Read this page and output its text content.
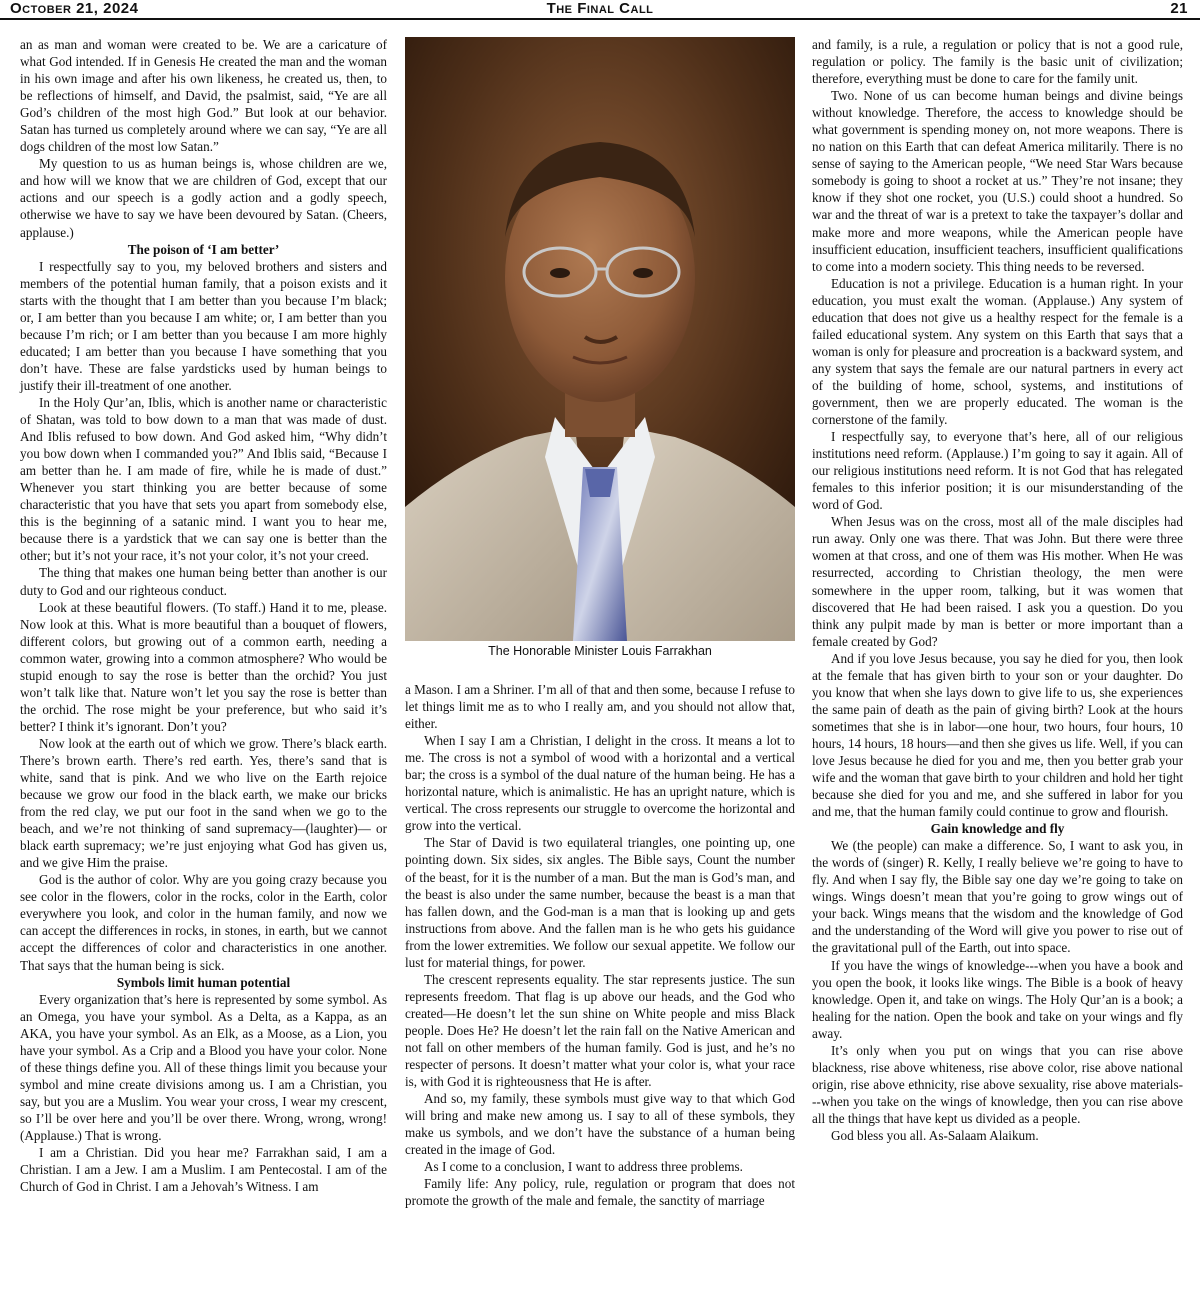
October 21, 2024	The Final Call	21

an as man and woman were created to be. We are a caricature of what God intended. If in Genesis He created the man and the woman in his own image and after his own likeness, he created us, then, to be reflections of himself, and David, the psalmist, said, “Ye are all God’s children of the most high God.” But look at our behavior. Satan has turned us completely around where we can say, “Ye are all dogs children of the most low Satan.”

My question to us as human beings is, whose children are we, and how will we know that we are children of God, except that our actions and our speech is a godly action and a godly speech, otherwise we have to say we have been devoured by Satan. (Cheers, applause.)

The poison of ‘I am better’

I respectfully say to you, my beloved brothers and sisters and members of the potential human family, that a poison exists and it starts with the thought that I am better than you because I’m black; or, I am better than you because I am white; or, I am better than you because I’m rich; or I am better than you because I am more highly educated; I am better than you because I have something that you don’t have. These are false yardsticks used by human beings to justify their ill-treatment of one another.

In the Holy Qur’an, Iblis, which is another name or characteristic of Shatan, was told to bow down to a man that was made of dust. And Iblis refused to bow down. And God asked him, “Why didn’t you bow down when I commanded you?” And Iblis said, “Because I am better than he. I am made of fire, while he is made of dust.” Whenever you start thinking you are better because of some characteristic that you have that sets you apart from somebody else, this is the beginning of a satanic mind. I want you to hear me, because there is a yardstick that we can say one is better than the other; but it’s not your race, it’s not your color, it’s not your creed.

The thing that makes one human being better than another is our duty to God and our righteous conduct.

Look at these beautiful flowers. (To staff.) Hand it to me, please. Now look at this. What is more beautiful than a bouquet of flowers, different colors, but growing out of a common earth, needing a common water, growing into a common atmosphere? Who would be stupid enough to say the rose is better than the orchid? You just won’t talk like that. Nature won’t let you say the rose is better than the orchid. The rose might be your preference, but who said it’s better? I think it’s ignorant. Don’t you?

Now look at the earth out of which we grow. There’s black earth. There’s brown earth. There’s red earth. Yes, there’s sand that is white, sand that is pink. And we who live on the Earth rejoice because we grow our food in the black earth, we make our bricks from the red clay, we put our foot in the sand when we go to the beach, and we’re not thinking of sand supremacy—(laughter)— or black earth supremacy; we’re just enjoying what God has given us, and we give Him the praise.

God is the author of color. Why are you going crazy because you see color in the flowers, color in the rocks, color in the Earth, color everywhere you look, and color in the human family, and now we can accept the differences in rocks, in stones, in earth, but we cannot accept the differences of color and characteristics in one another. That says that the human being is sick.

Symbols limit human potential

Every organization that’s here is represented by some symbol. As an Omega, you have your symbol. As a Delta, as a Kappa, as an AKA, you have your symbol. As an Elk, as a Moose, as a Lion, you have your symbol. As a Crip and a Blood you have your color. None of these things define you. All of these things limit you because your symbol and mine create divisions among us. I am a Christian, you say, but you are a Muslim. You wear your cross, I wear my crescent, so I’ll be over here and you’ll be over there. Wrong, wrong, wrong! (Applause.) That is wrong.

I am a Christian. Did you hear me? Farrakhan said, I am a Christian. I am a Jew. I am a Muslim. I am Pentecostal. I am of the Church of God in Christ. I am a Jehovah’s Witness. I am

The Honorable Minister Louis Farrakhan

a Mason. I am a Shriner. I’m all of that and then some, because I refuse to let things limit me as to who I really am, and you should not allow that, either.

When I say I am a Christian, I delight in the cross. It means a lot to me. The cross is not a symbol of wood with a horizontal and a vertical bar; the cross is a symbol of the dual nature of the human being. He has a horizontal nature, which is animalistic. He has an upright nature, which is vertical. The cross represents our struggle to overcome the horizontal and grow into the vertical.

The Star of David is two equilateral triangles, one pointing up, one pointing down. Six sides, six angles. The Bible says, Count the number of the beast, for it is the number of a man. But the man is God’s man, and the beast is also under the same number, because the beast is a man that has fallen down, and the God-man is a man that is looking up and gets instructions from above. And the fallen man is he who gets his guidance from the lower extremities. We follow our sexual appetite. We follow our lust for material things, for power.

The crescent represents equality. The star represents justice. The sun represents freedom. That flag is up above our heads, and the God who created—He doesn’t let the sun shine on White people and miss Black people. Does He? He doesn’t let the rain fall on the Native American and not fall on other members of the human family. God is just, and he’s no respecter of persons. It doesn’t matter what your color is, what your race is, with God it is righteousness that He is after.

And so, my family, these symbols must give way to that which God will bring and make new among us. I say to all of these symbols, they make us symbols, and we don’t have the substance of a human being created in the image of God.

As I come to a conclusion, I want to address three problems.

Family life: Any policy, rule, regulation or program that does not promote the growth of the male and female, the sanctity of marriage

and family, is a rule, a regulation or policy that is not a good rule, regulation or policy. The family is the basic unit of civilization; therefore, everything must be done to care for the family unit.

Two. None of us can become human beings and divine beings without knowledge. Therefore, the access to knowledge should be what government is spending money on, not more weapons. There is no nation on this Earth that can defeat America militarily. There is no sense of saying to the American people, “We need Star Wars because somebody is going to shoot a rocket at us.” They’re not insane; they know if they shot one rocket, you (U.S.) could shoot a hundred. So war and the threat of war is a pretext to take the taxpayer’s dollar and make more and more weapons, while the American people have insufficient education, insufficient teachers, insufficient qualifications to come into a modern society. This thing needs to be reversed.

Education is not a privilege. Education is a human right. In your education, you must exalt the woman. (Applause.) Any system of education that does not give us a healthy respect for the female is a failed educational system. Any system on this Earth that says that a woman is only for pleasure and procreation is a backward system, and any system that says the female are our natural partners in every act of the building of home, school, systems, and institutions of government, then we are properly educated. The woman is the cornerstone of the family.

I respectfully say, to everyone that’s here, all of our religious institutions need reform. (Applause.) I’m going to say it again. All of our religious institutions need reform. It is not God that has relegated females to this inferior position; it is our misunderstanding of the word of God.

When Jesus was on the cross, most all of the male disciples had run away. Only one was there. That was John. But there were three women at that cross, and one of them was His mother. When He was resurrected, according to Christian theology, the men were somewhere in the upper room, talking, but it was women that discovered that He had been raised. I ask you a question. Do you think any pulpit made by man is better or more important than a female created by God?

And if you love Jesus because, you say he died for you, then look at the female that has given birth to your son or your daughter. Do you know that when she lays down to give life to us, she experiences the same pain of death as the pain of giving birth? Look at the hours sometimes that she is in labor—one hour, two hours, four hours, 10 hours, 14 hours, 18 hours—and then she gives us life. Well, if you can love Jesus because he died for you and me, then you better grab your wife and the woman that gave birth to your children and hold her tight because she died for you and me, and she suffered in labor for you and me, that the human family could continue to grow and flourish.

Gain knowledge and fly

We (the people) can make a difference. So, I want to ask you, in the words of (singer) R. Kelly, I really believe we’re going to have to fly. And when I say fly, the Bible say one day we’re going to take on wings. Wings doesn’t mean that you’re going to grow wings out of your back. Wings means that the wisdom and the knowledge of God and the understanding of the Word will give you power to rise out of the gravitational pull of the Earth, out into space.

If you have the wings of knowledge---when you have a book and you open the book, it looks like wings. The Bible is a book of heavy knowledge. Open it, and take on wings. The Holy Qur’an is a book; a healing for the nation. Open the book and take on your wings and fly away.

It’s only when you put on wings that you can rise above blackness, rise above whiteness, rise above color, rise above national origin, rise above ethnicity, rise above sexuality, rise above materials---when you take on the wings of knowledge, then you can rise above all the things that have kept us divided as a people.

God bless you all. As-Salaam Alaikum.
